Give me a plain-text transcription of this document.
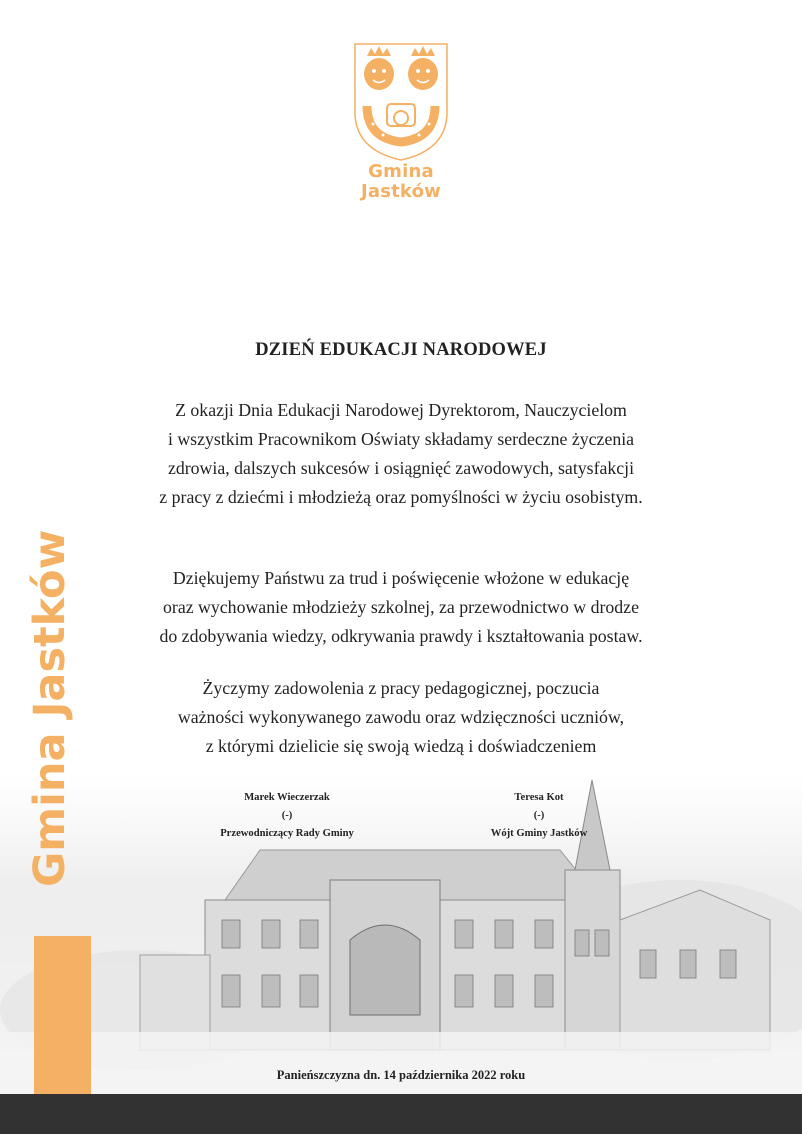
Gmina
Jastków
DZIEŃ EDUKACJI NARODOWEJ

Z okazji Dnia Edukacji Narodowej Dyrektorom, Nauczycielom
i wszystkim Pracownikom Oświaty składamy serdeczne życzenia
zdrowia, dalszych sukcesów i osiągnięć zawodowych, satysfakcji
z pracy z dziećmi i młodzieżą oraz pomyślności w życiu osobistym.

Dziękujemy Państwu za trud i poświęcenie włożone w edukację
oraz wychowanie młodzieży szkolnej, za przewodnictwo w drodze
do zdobywania wiedzy, odkrywania prawdy i kształtowania postaw.

Życzymy zadowolenia z pracy pedagogicznej, poczucia
ważności wykonywanego zawodu oraz wdzięczności uczniów,
z którymi dzielicie się swoją wiedzą i doświadczeniem

Marek Wieczerzak
(-)
Przewodniczący Rady Gminy
Teresa Kot
(-)
Wójt Gminy Jastków
Gmina Jastków
Panieńszczyzna dn. 14 października 2022 roku
